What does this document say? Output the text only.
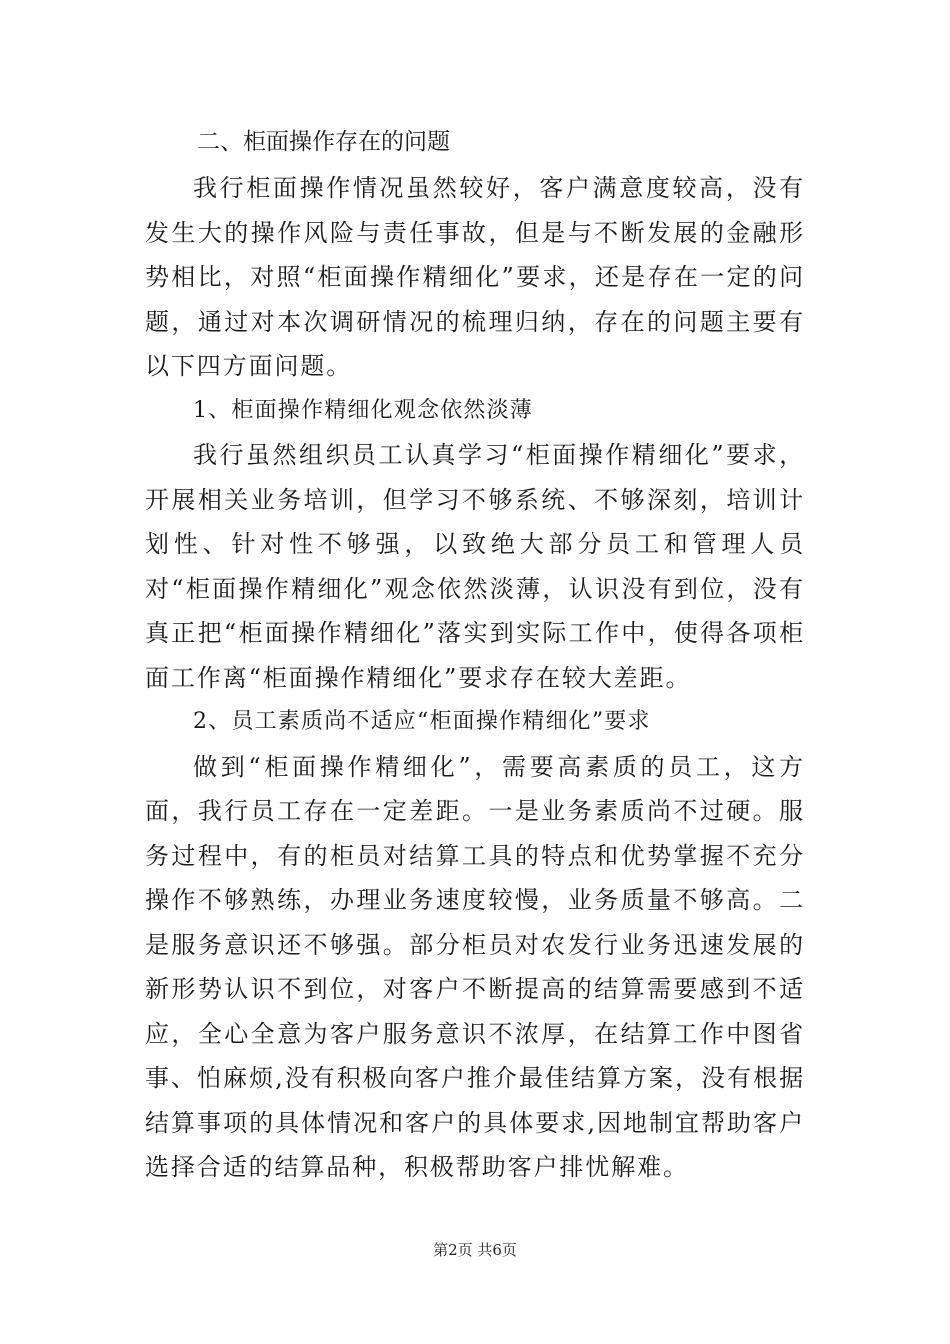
二、柜面操作存在的问题

我行柜面操作情况虽然较好，客户满意度较高，没有发生大的操作风险与责任事故，但是与不断发展的金融形势相比，对照“柜面操作精细化”要求，还是存在一定的问题，通过对本次调研情况的梳理归纳，存在的问题主要有以下四方面问题。

1、柜面操作精细化观念依然淡薄

我行虽然组织员工认真学习“柜面操作精细化”要求，开展相关业务培训，但学习不够系统、不够深刻，培训计划性、针对性不够强，以致绝大部分员工和管理人员对“柜面操作精细化”观念依然淡薄，认识没有到位，没有真正把“柜面操作精细化”落实到实际工作中，使得各项柜面工作离“柜面操作精细化”要求存在较大差距。

2、员工素质尚不适应“柜面操作精细化”要求

做到“柜面操作精细化”，需要高素质的员工，这方面，我行员工存在一定差距。一是业务素质尚不过硬。服务过程中，有的柜员对结算工具的特点和优势掌握不充分操作不够熟练，办理业务速度较慢，业务质量不够高。二是服务意识还不够强。部分柜员对农发行业务迅速发展的新形势认识不到位，对客户不断提高的结算需要感到不适应，全心全意为客户服务意识不浓厚，在结算工作中图省事、怕麻烦,没有积极向客户推介最佳结算方案，没有根据结算事项的具体情况和客户的具体要求,因地制宜帮助客户选择合适的结算品种，积极帮助客户排忧解难。

第2页 共6页
